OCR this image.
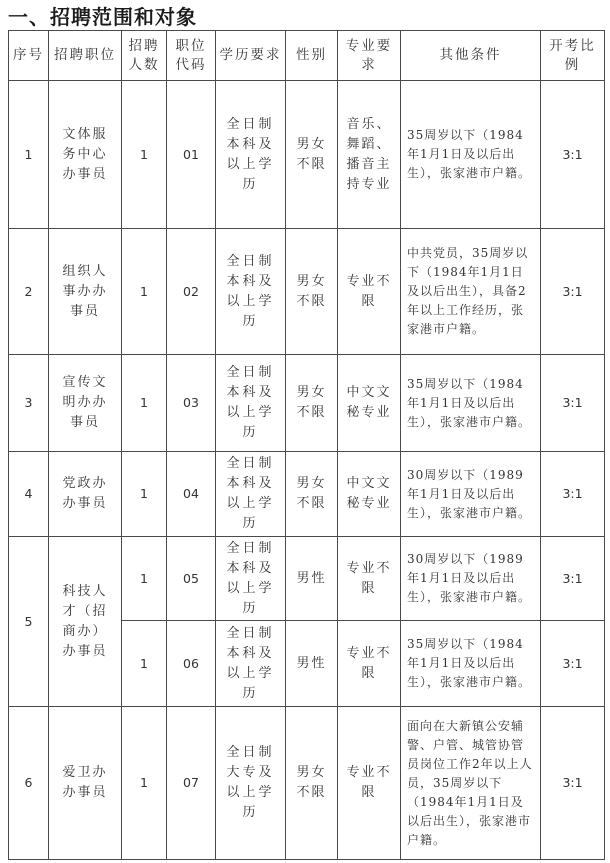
一、招聘范围和对象
序号	招聘职位	招聘人数	职位代码	学历要求	性别	专业要求	其他条件	开考比例
1	文体服务中心办事员	1	01	全日制本科及以上学历	男女不限	音乐、舞蹈、播音主持专业	35周岁以下（1984年1月1日及以后出生），张家港市户籍。	3:1
2	组织人事办办事员	1	02	全日制本科及以上学历	男女不限	专业不限	中共党员，35周岁以下（1984年1月1日及以后出生），具备2年以上工作经历，张家港市户籍。	3:1
3	宣传文明办办事员	1	03	全日制本科及以上学历	男女不限	中文文秘专业	35周岁以下（1984年1月1日及以后出生），张家港市户籍。	3:1
4	党政办办事员	1	04	全日制本科及以上学历	男女不限	中文文秘专业	30周岁以下（1989年1月1日及以后出生），张家港市户籍。	3:1
5	科技人才（招商办）办事员	1	05	全日制本科及以上学历	男性	专业不限	30周岁以下（1989年1月1日及以后出生），张家港市户籍。	3:1
		1	06	全日制本科及以上学历	男性	专业不限	35周岁以下（1984年1月1日及以后出生），张家港市户籍。	3:1
6	爱卫办办事员	1	07	全日制大专及以上学历	男女不限	专业不限	面向在大新镇公安辅警、户管、城管协管员岗位工作2年以上人员，35周岁以下（1984年1月1日及以后出生），张家港市户籍。	3:1
